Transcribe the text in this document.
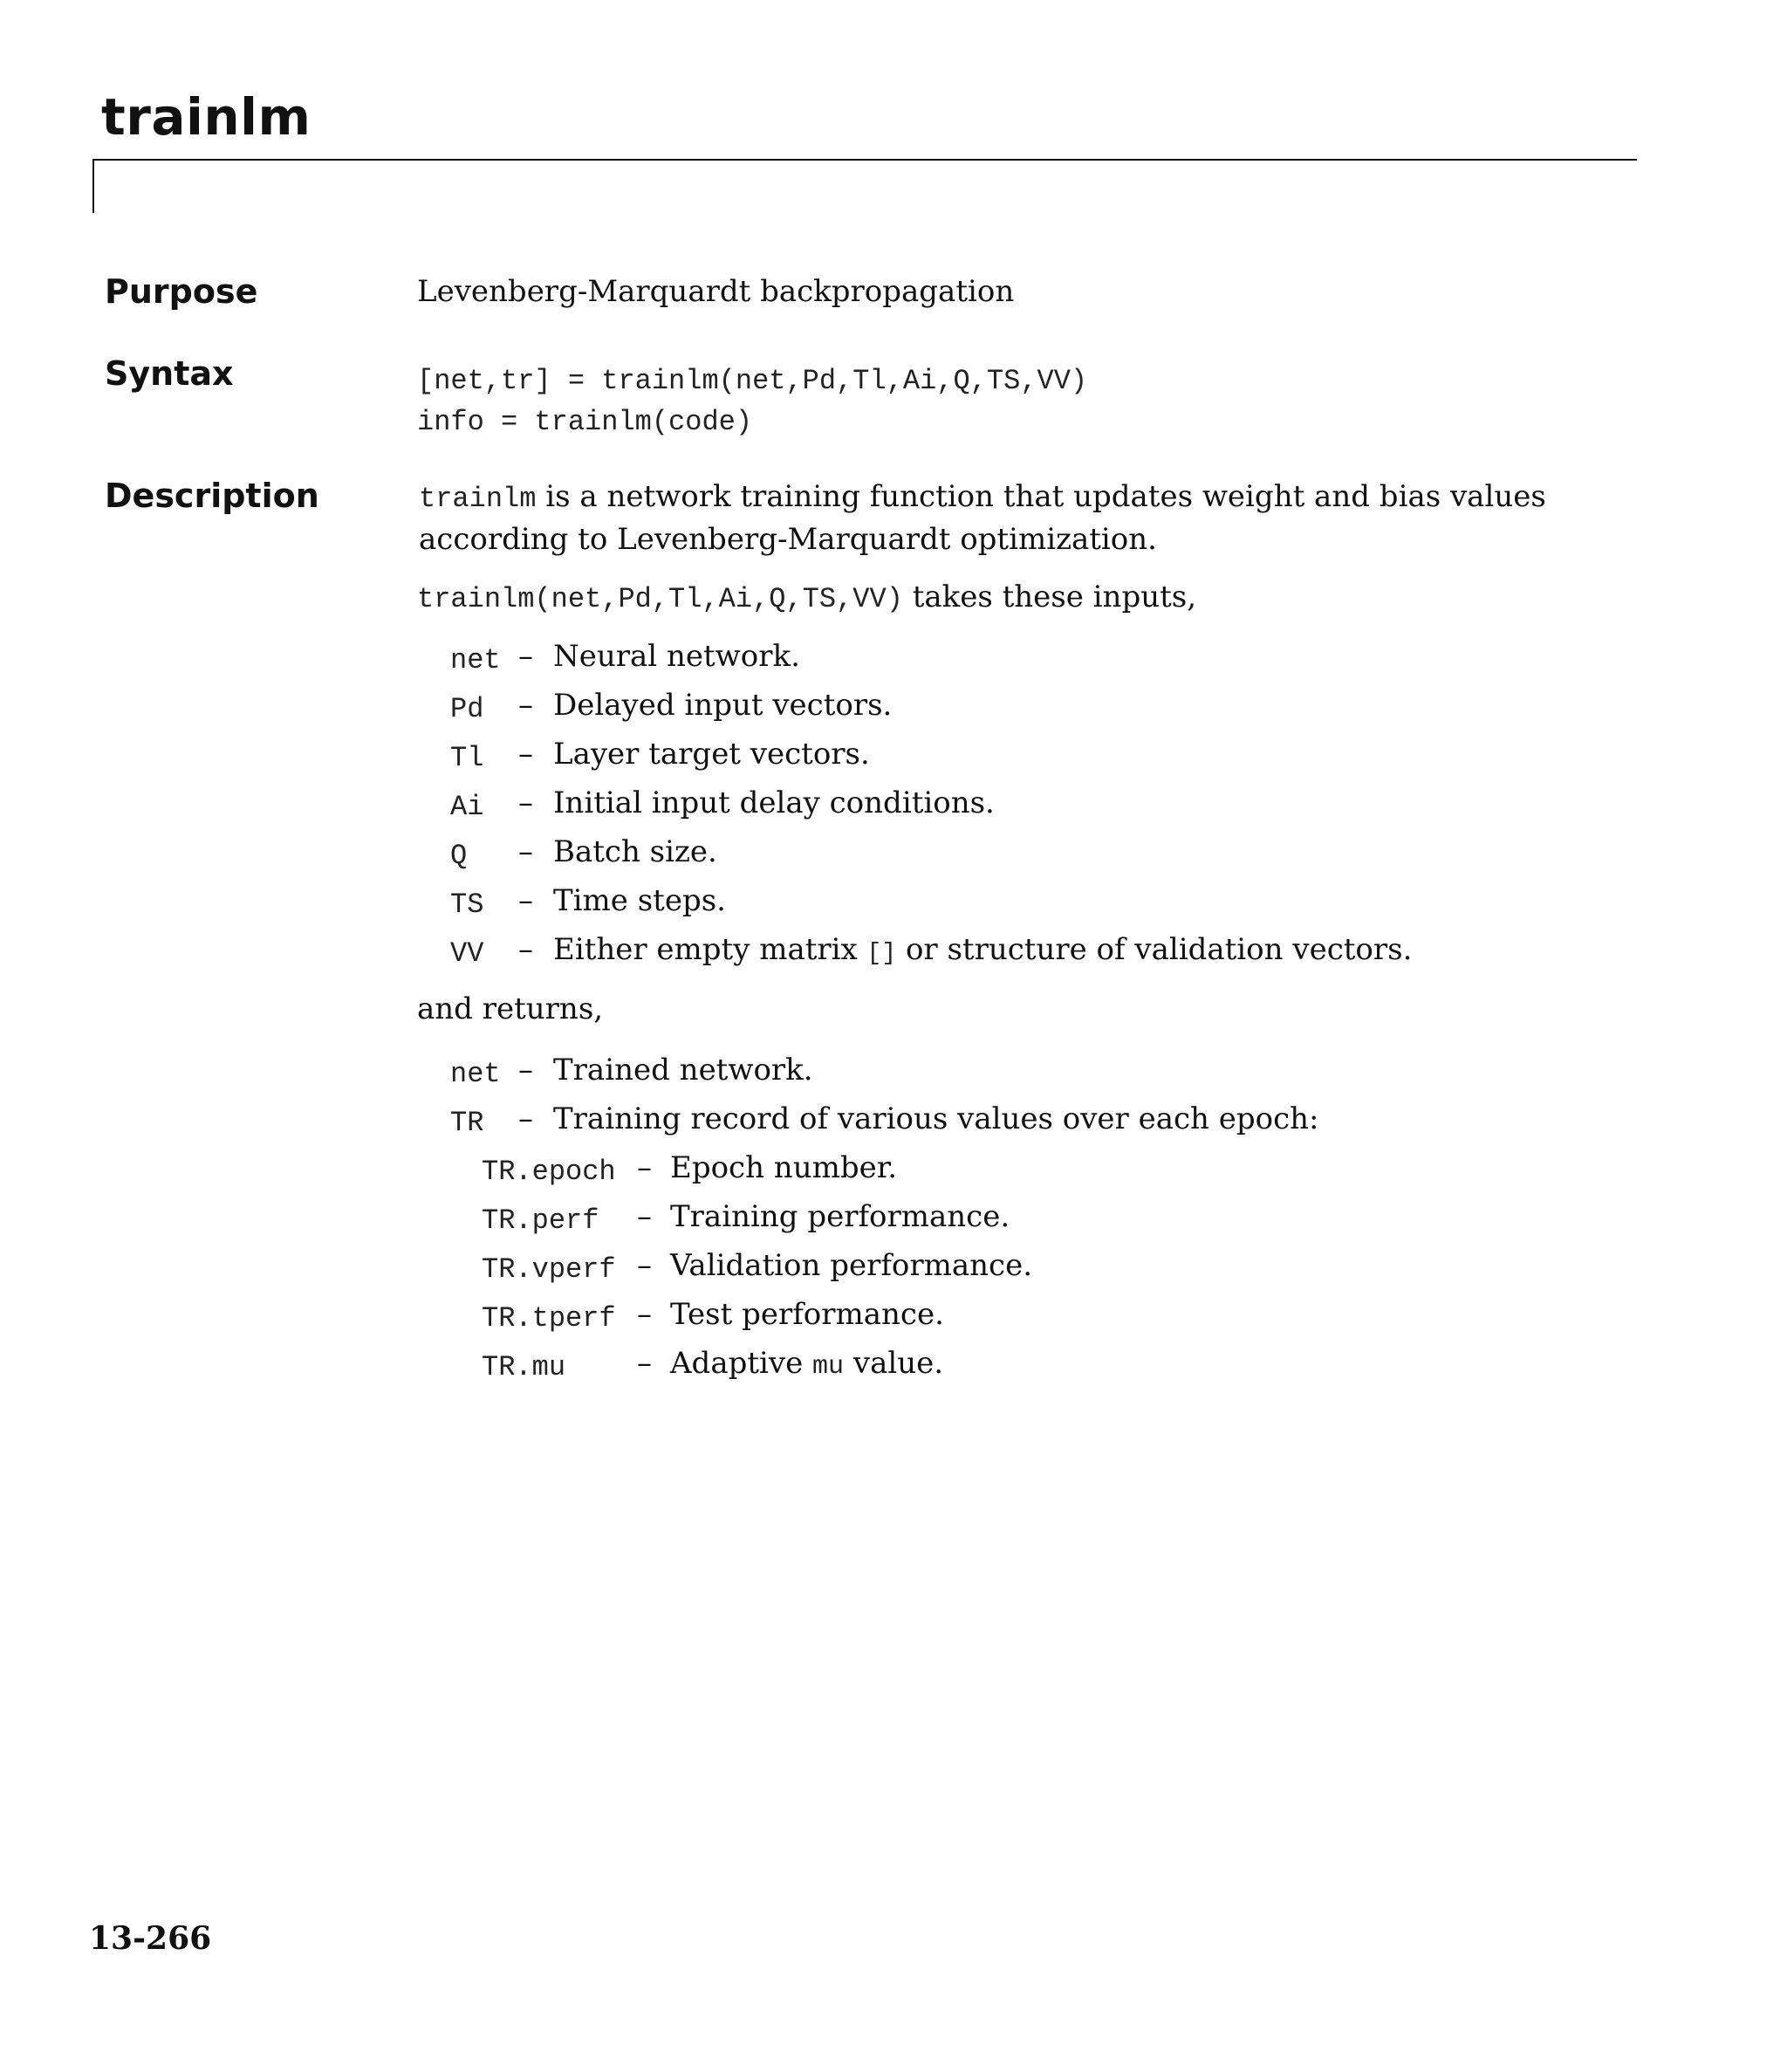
trainlm
Purpose	Levenberg-Marquardt backpropagation
Syntax	[net,tr] = trainlm(net,Pd,Tl,Ai,Q,TS,VV)
info = trainlm(code)
Description	trainlm is a network training function that updates weight and bias values according to Levenberg-Marquardt optimization.
trainlm(net,Pd,Tl,Ai,Q,TS,VV) takes these inputs,
net – Neural network.
Pd – Delayed input vectors.
Tl – Layer target vectors.
Ai – Initial input delay conditions.
Q – Batch size.
TS – Time steps.
VV – Either empty matrix [] or structure of validation vectors.
and returns,
net – Trained network.
TR – Training record of various values over each epoch:
TR.epoch – Epoch number.
TR.perf – Training performance.
TR.vperf – Validation performance.
TR.tperf – Test performance.
TR.mu – Adaptive mu value.
13-266
